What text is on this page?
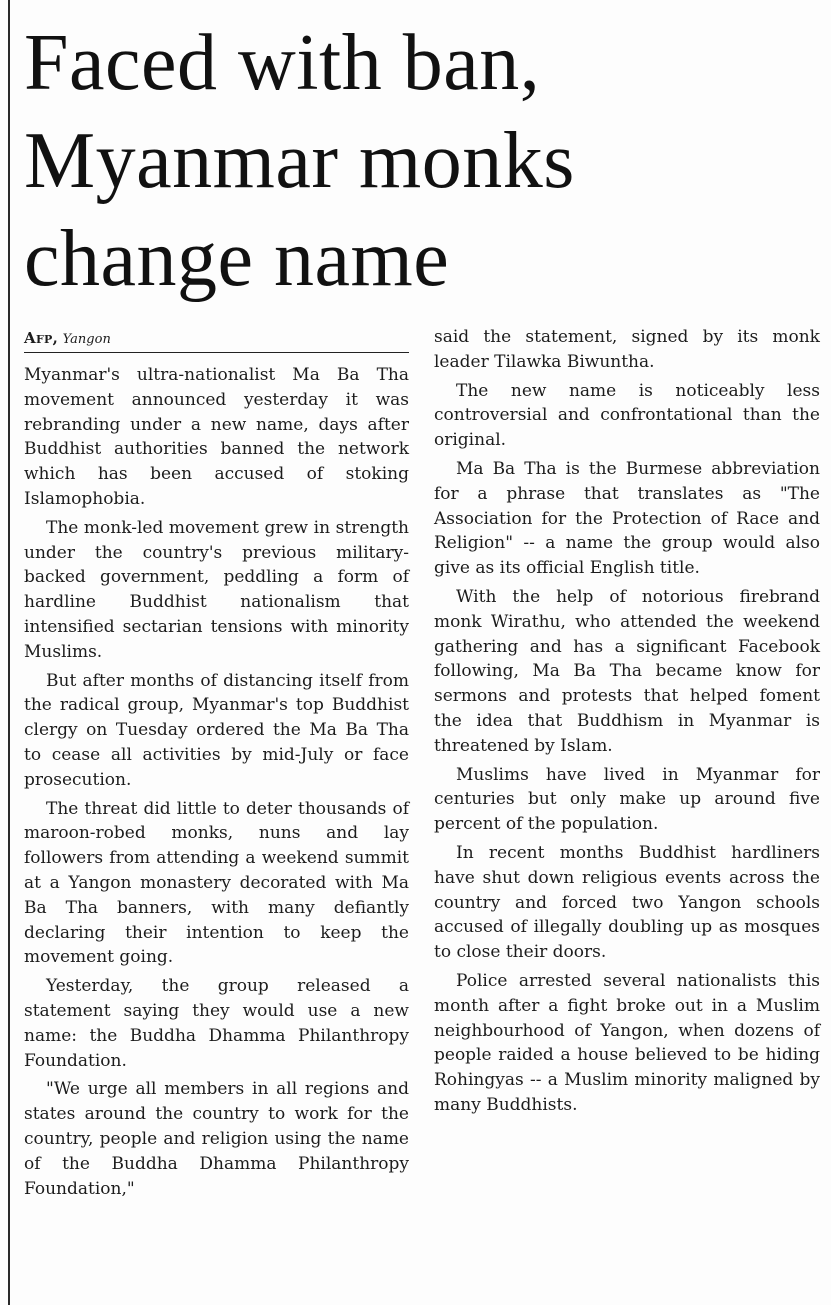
Faced with ban,
Myanmar monks
change name
Afp, Yangon

Myanmar's ultra-nationalist Ma Ba Tha movement announced yesterday it was rebranding under a new name, days after Buddhist authorities banned the network which has been accused of stoking Islamophobia.

The monk-led movement grew in strength under the country's previous military-backed government, peddling a form of hardline Buddhist nationalism that intensified sectarian tensions with minority Muslims.

But after months of distancing itself from the radical group, Myanmar's top Buddhist clergy on Tuesday ordered the Ma Ba Tha to cease all activities by mid-July or face prosecution.

The threat did little to deter thousands of maroon-robed monks, nuns and lay followers from attending a weekend summit at a Yangon monastery decorated with Ma Ba Tha banners, with many defiantly declaring their intention to keep the movement going.

Yesterday, the group released a statement saying they would use a new name: the Buddha Dhamma Philanthropy Foundation.

"We urge all members in all regions and states around the country to work for the country, people and religion using the name of the Buddha Dhamma Philanthropy Foundation,"

said the statement, signed by its monk leader Tilawka Biwuntha.

The new name is noticeably less controversial and confrontational than the original.

Ma Ba Tha is the Burmese abbreviation for a phrase that translates as "The Association for the Protection of Race and Religion" -- a name the group would also give as its official English title.

With the help of notorious firebrand monk Wirathu, who attended the weekend gathering and has a significant Facebook following, Ma Ba Tha became know for sermons and protests that helped foment the idea that Buddhism in Myanmar is threatened by Islam.

Muslims have lived in Myanmar for centuries but only make up around five percent of the population.

In recent months Buddhist hardliners have shut down religious events across the country and forced two Yangon schools accused of illegally doubling up as mosques to close their doors.

Police arrested several nationalists this month after a fight broke out in a Muslim neighbourhood of Yangon, when dozens of people raided a house believed to be hiding Rohingyas -- a Muslim minority maligned by many Buddhists.
